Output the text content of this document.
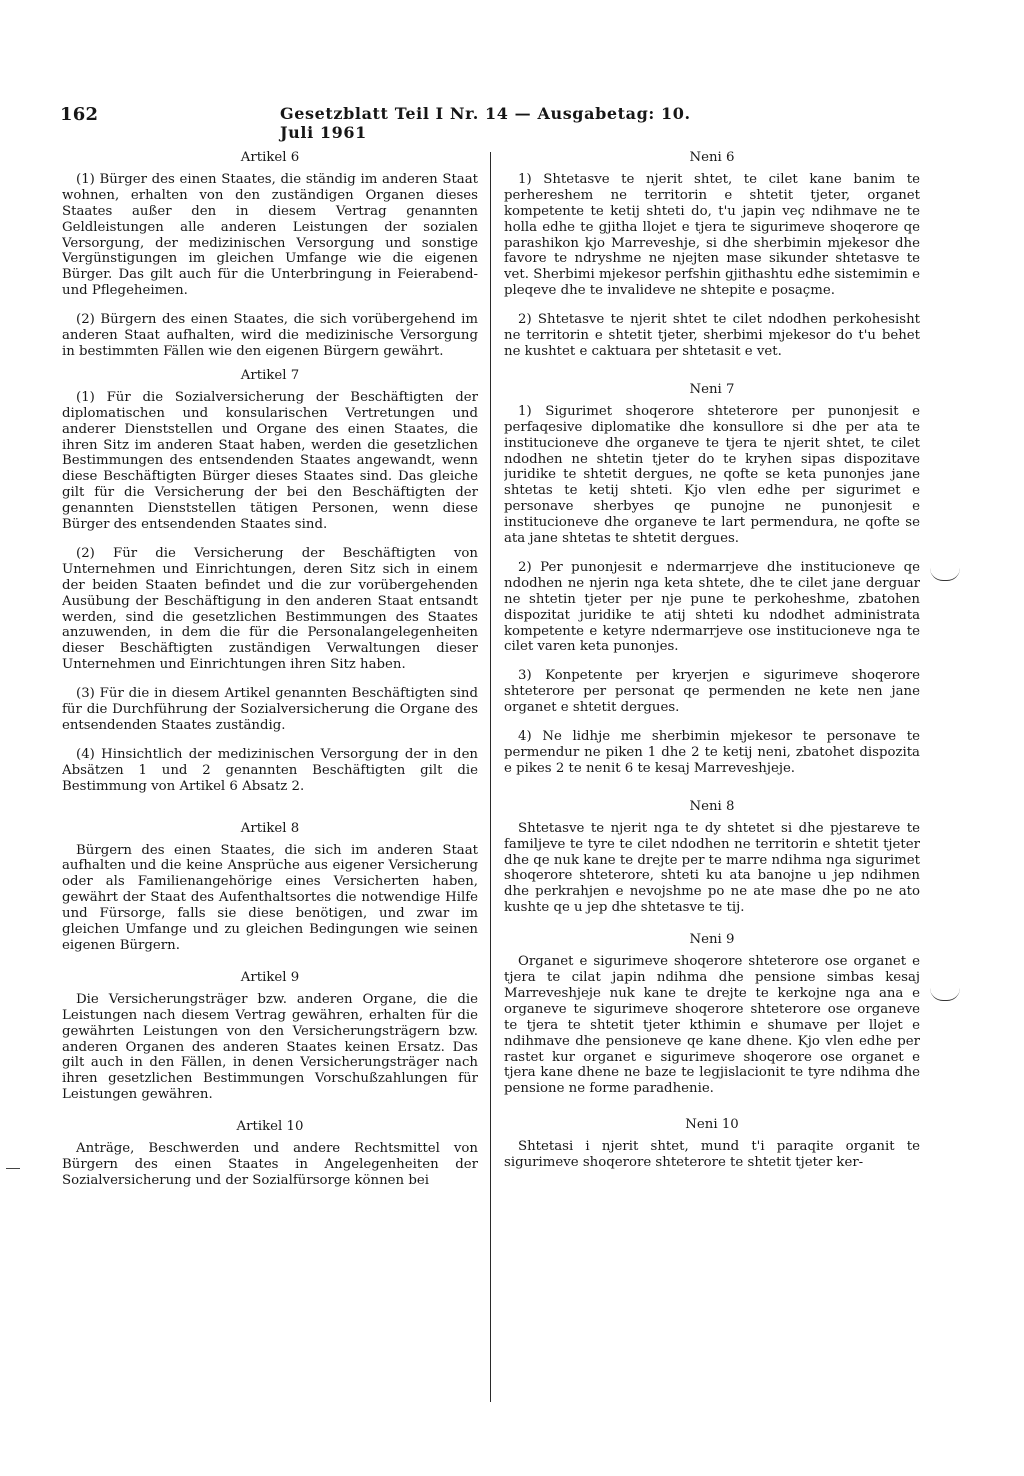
162	Gesetzblatt Teil I Nr. 14 — Ausgabetag: 10. Juli 1961
Artikel 6

(1) Bürger des einen Staates, die ständig im anderen Staat wohnen, erhalten von den zuständigen Organen dieses Staates außer den in diesem Vertrag genannten Geldleistungen alle anderen Leistungen der sozialen Versorgung, der medizinischen Versorgung und sonstige Vergünstigungen im gleichen Umfange wie die eigenen Bürger. Das gilt auch für die Unterbringung in Feierabend- und Pflegeheimen.

(2) Bürgern des einen Staates, die sich vorübergehend im anderen Staat aufhalten, wird die medizinische Versorgung in bestimmten Fällen wie den eigenen Bürgern gewährt.

Artikel 7

(1) Für die Sozialversicherung der Beschäftigten der diplomatischen und konsularischen Vertretungen und anderer Dienststellen und Organe des einen Staates, die ihren Sitz im anderen Staat haben, werden die gesetzlichen Bestimmungen des entsendenden Staates angewandt, wenn diese Beschäftigten Bürger dieses Staates sind. Das gleiche gilt für die Versicherung der bei den Beschäftigten der genannten Dienststellen tätigen Personen, wenn diese Bürger des entsendenden Staates sind.

(2) Für die Versicherung der Beschäftigten von Unternehmen und Einrichtungen, deren Sitz sich in einem der beiden Staaten befindet und die zur vorübergehenden Ausübung der Beschäftigung in den anderen Staat entsandt werden, sind die gesetzlichen Bestimmungen des Staates anzuwenden, in dem die für die Personalangelegenheiten dieser Beschäftigten zuständigen Verwaltungen dieser Unternehmen und Einrichtungen ihren Sitz haben.

(3) Für die in diesem Artikel genannten Beschäftigten sind für die Durchführung der Sozialversicherung die Organe des entsendenden Staates zuständig.

(4) Hinsichtlich der medizinischen Versorgung der in den Absätzen 1 und 2 genannten Beschäftigten gilt die Bestimmung von Artikel 6 Absatz 2.

Artikel 8

Bürgern des einen Staates, die sich im anderen Staat aufhalten und die keine Ansprüche aus eigener Versicherung oder als Familienangehörige eines Versicherten haben, gewährt der Staat des Aufenthaltsortes die notwendige Hilfe und Fürsorge, falls sie diese benötigen, und zwar im gleichen Umfange und zu gleichen Bedingungen wie seinen eigenen Bürgern.

Artikel 9

Die Versicherungsträger bzw. anderen Organe, die die Leistungen nach diesem Vertrag gewähren, erhalten für die gewährten Leistungen von den Versicherungsträgern bzw. anderen Organen des anderen Staates keinen Ersatz. Das gilt auch in den Fällen, in denen Versicherungsträger nach ihren gesetzlichen Bestimmungen Vorschußzahlungen für Leistungen gewähren.

Artikel 10

Anträge, Beschwerden und andere Rechtsmittel von Bürgern des einen Staates in Angelegenheiten der Sozialversicherung und der Sozialfürsorge können bei

Neni 6

1) Shtetasve te njerit shtet, te cilet kane banim te perhereshem ne territorin e shtetit tjeter, organet kompetente te ketij shteti do, t'u japin veç ndihmave ne te holla edhe te gjitha llojet e tjera te sigurimeve shoqerore qe parashikon kjo Marreveshje, si dhe sherbimin mjekesor dhe favore te ndryshme ne njejten mase sikunder shtetasve te vet. Sherbimi mjekesor perfshin gjithashtu edhe sistemimin e pleqeve dhe te invalideve ne shtepite e posaçme.

2) Shtetasve te njerit shtet te cilet ndodhen perkohesisht ne territorin e shtetit tjeter, sherbimi mjekesor do t'u behet ne kushtet e caktuara per shtetasit e vet.

Neni 7

1) Sigurimet shoqerore shteterore per punonjesit e perfaqesive diplomatike dhe konsullore si dhe per ata te institucioneve dhe organeve te tjera te njerit shtet, te cilet ndodhen ne shtetin tjeter do te kryhen sipas dispozitave juridike te shtetit dergues, ne qofte se keta punonjes jane shtetas te ketij shteti. Kjo vlen edhe per sigurimet e personave sherbyes qe punojne ne punonjesit e institucioneve dhe organeve te lart permendura, ne qofte se ata jane shtetas te shtetit dergues.

2) Per punonjesit e ndermarrjeve dhe institucioneve qe ndodhen ne njerin nga keta shtete, dhe te cilet jane derguar ne shtetin tjeter per nje pune te perkoheshme, zbatohen dispozitat juridike te atij shteti ku ndodhet administrata kompetente e ketyre ndermarrjeve ose institucioneve nga te cilet varen keta punonjes.

3) Konpetente per kryerjen e sigurimeve shoqerore shteterore per personat qe permenden ne kete nen jane organet e shtetit dergues.

4) Ne lidhje me sherbimin mjekesor te personave te permendur ne piken 1 dhe 2 te ketij neni, zbatohet dispozita e pikes 2 te nenit 6 te kesaj Marreveshjeje.

Neni 8

Shtetasve te njerit nga te dy shtetet si dhe pjestareve te familjeve te tyre te cilet ndodhen ne territorin e shtetit tjeter dhe qe nuk kane te drejte per te marre ndihma nga sigurimet shoqerore shteterore, shteti ku ata banojne u jep ndihmen dhe perkrahjen e nevojshme po ne ate mase dhe po ne ato kushte qe u jep dhe shtetasve te tij.

Neni 9

Organet e sigurimeve shoqerore shteterore ose organet e tjera te cilat japin ndihma dhe pensione simbas kesaj Marreveshjeje nuk kane te drejte te kerkojne nga ana e organeve te sigurimeve shoqerore shteterore ose organeve te tjera te shtetit tjeter kthimin e shumave per llojet e ndihmave dhe pensioneve qe kane dhene. Kjo vlen edhe per rastet kur organet e sigurimeve shoqerore ose organet e tjera kane dhene ne baze te legjislacionit te tyre ndihma dhe pensione ne forme paradhenie.

Neni 10

Shtetasi i njerit shtet, mund t'i paraqite organit te sigurimeve shoqerore shteterore te shtetit tjeter ker-
